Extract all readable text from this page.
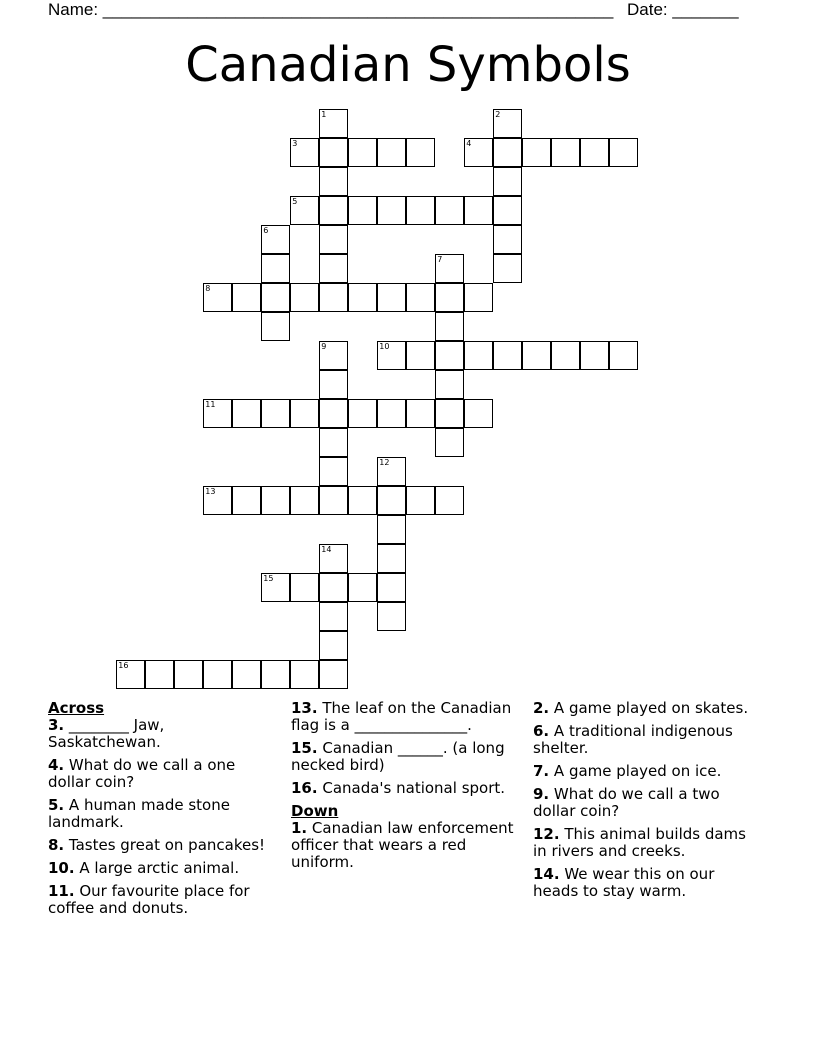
Name: ______________________________________________________ Date: _______
Canadian Symbols
1	2
3	4
5
6
7
8
9	10
11
12
13
14
15
16
Across
3. ________ Jaw, Saskatchewan.
4. What do we call a one dollar coin?
5. A human made stone landmark.
8. Tastes great on pancakes!
10. A large arctic animal.
11. Our favourite place for coffee and donuts.
13. The leaf on the Canadian flag is a _______________.
15. Canadian ______. (a long necked bird)
16. Canada's national sport.
Down
1. Canadian law enforcement officer that wears a red uniform.
2. A game played on skates.
6. A traditional indigenous shelter.
7. A game played on ice.
9. What do we call a two dollar coin?
12. This animal builds dams in rivers and creeks.
14. We wear this on our heads to stay warm.
